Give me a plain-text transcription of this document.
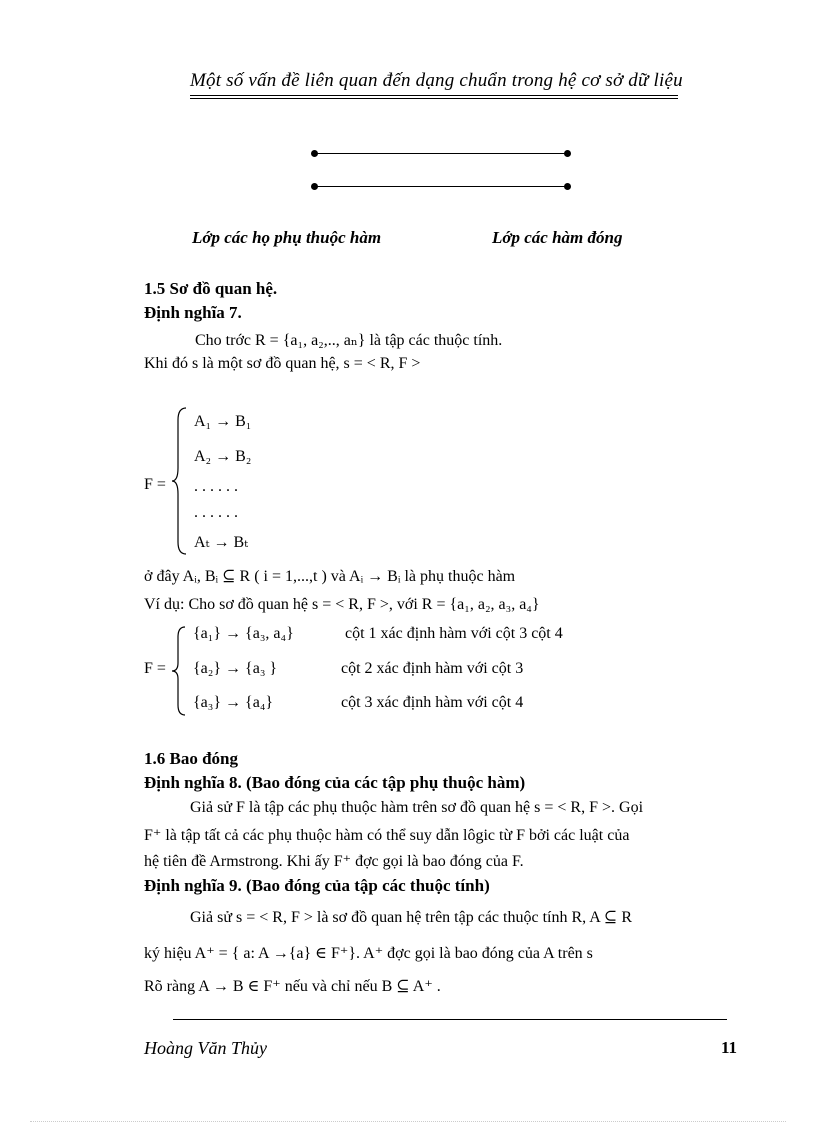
Một số vấn đề liên quan đến dạng chuẩn trong hệ cơ sở dữ liệu
Lớp các họ phụ thuộc hàm	Lớp các hàm đóng
1.5 Sơ đồ quan hệ.
Định nghĩa 7.
Cho trớc R = {a₁, a₂,.., aₙ} là tập các thuộc tính.
Khi đó s là một sơ đồ quan hệ, s = < R, F >
F =
A₁ → B₁
A₂ → B₂
. . . . . .
. . . . . .
Aₜ → Bₜ
ở đây Aᵢ, Bᵢ ⊆ R ( i = 1,...,t ) và Aᵢ → Bᵢ là phụ thuộc hàm
Ví dụ: Cho sơ đồ quan hệ s = < R, F >, với R = {a₁, a₂, a₃, a₄}
F =
{a₁} → {a₃, a₄}	cột 1 xác định hàm với cột 3 cột 4
{a₂} → {a₃ }	cột 2 xác định hàm với cột 3
{a₃} → {a₄}	cột 3 xác định hàm với cột 4
1.6 Bao đóng
Định nghĩa 8. (Bao đóng của các tập phụ thuộc hàm)
Giả sử F là tập các phụ thuộc hàm trên sơ đồ quan hệ s = < R, F >. Gọi
F⁺ là tập tất cả các phụ thuộc hàm có thể suy dẫn lôgic từ F bởi các luật của
hệ tiên đề Armstrong. Khi ấy F⁺ đợc gọi là bao đóng của F.
Định nghĩa 9. (Bao đóng của tập các thuộc tính)
Giả sử s = < R, F > là sơ đồ quan hệ trên tập các thuộc tính R, A ⊆ R
ký hiệu A⁺ = { a: A →{a} ∈ F⁺}. A⁺ đợc gọi là bao đóng của A trên s
Rõ ràng A → B ∈ F⁺ nếu và chỉ nếu B ⊆ A⁺ .
Hoàng Văn Thủy	11
